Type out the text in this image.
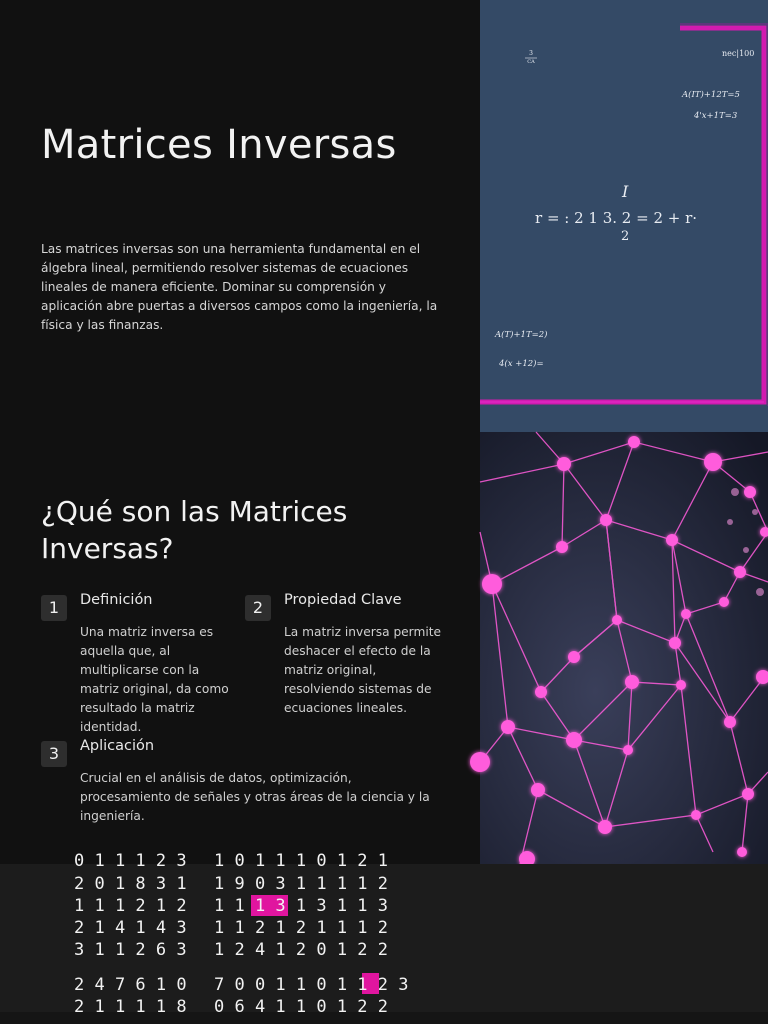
Matrices Inversas

Las matrices inversas son una herramienta fundamental en el álgebra lineal, permitiendo resolver sistemas de ecuaciones lineales de manera eficiente. Dominar su comprensión y aplicación abre puertas a diversos campos como la ingeniería, la física y las finanzas.

¿Qué son las Matrices Inversas?
1	Definición

Una matriz inversa es aquella que, al multiplicarse con la matriz original, da como resultado la matriz identidad.

2	Propiedad Clave

La matriz inversa permite deshacer el efecto de la matriz original, resolviendo sistemas de ecuaciones lineales.

3	Aplicación

Crucial en el análisis de datos, optimización, procesamiento de señales y otras áreas de la ciencia y la ingeniería.

3
CA
nec|100
A(IT)+12T=5
4'x+1T=3
I
r = : 2 1 3. 2 = 2 + r·
2
A(T)+1T=2)
4(x +12)=
0 1 1 1 2 3 1 0 1 1 1 0 1 2 1
2 0 1 8 3 1 1 9 0 3 1 1 1 1 2
1 1 1 2 1 2 1 1 1 3 1 3 1 1 3
2 1 4 1 4 3 1 1 2 1 2 1 1 1 2
3 1 1 2 6 3 1 2 4 1 2 0 1 2 2
2 4 7 6 1 0 7 0 0 1 1 0 1 1 2 3
2 1 1 1 1 8 0 6 4 1 1 0 1 2 2
